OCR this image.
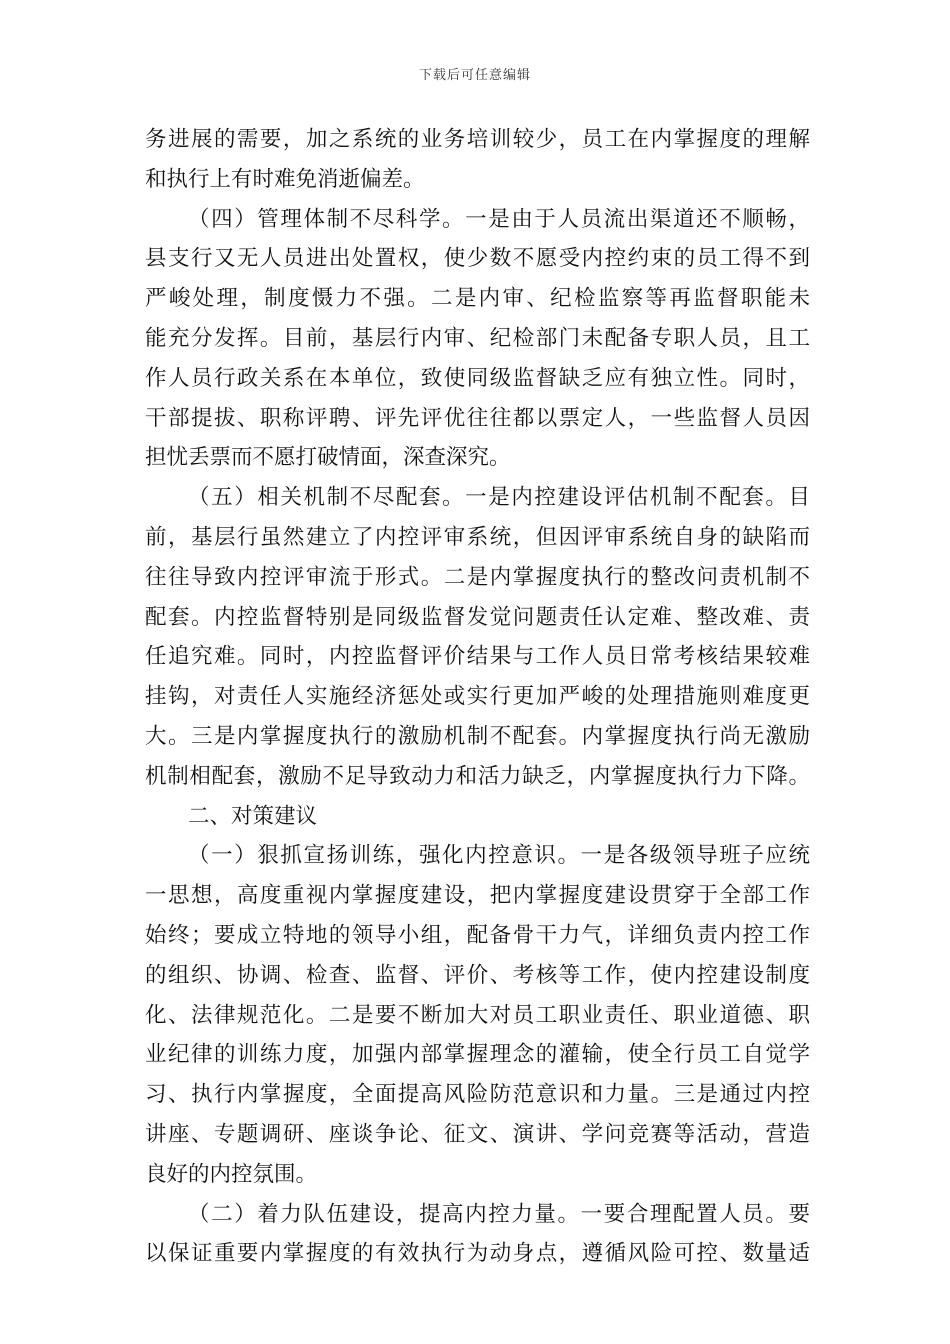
下载后可任意编辑
务进展的需要，加之系统的业务培训较少，员工在内掌握度的理解
和执行上有时难免消逝偏差。
（四）管理体制不尽科学。一是由于人员流出渠道还不顺畅，
县支行又无人员进出处置权，使少数不愿受内控约束的员工得不到
严峻处理，制度慑力不强。二是内审、纪检监察等再监督职能未
能充分发挥。目前，基层行内审、纪检部门未配备专职人员，且工
作人员行政关系在本单位，致使同级监督缺乏应有独立性。同时，
干部提拔、职称评聘、评先评优往往都以票定人，一些监督人员因
担忧丢票而不愿打破情面，深查深究。
（五）相关机制不尽配套。一是内控建设评估机制不配套。目
前，基层行虽然建立了内控评审系统，但因评审系统自身的缺陷而
往往导致内控评审流于形式。二是内掌握度执行的整改问责机制不
配套。内控监督特别是同级监督发觉问题责任认定难、整改难、责
任追究难。同时，内控监督评价结果与工作人员日常考核结果较难
挂钩，对责任人实施经济惩处或实行更加严峻的处理措施则难度更
大。三是内掌握度执行的激励机制不配套。内掌握度执行尚无激励
机制相配套，激励不足导致动力和活力缺乏，内掌握度执行力下降。
二、对策建议
（一）狠抓宣扬训练，强化内控意识。一是各级领导班子应统
一思想，高度重视内掌握度建设，把内掌握度建设贯穿于全部工作
始终；要成立特地的领导小组，配备骨干力气，详细负责内控工作
的组织、协调、检查、监督、评价、考核等工作，使内控建设制度
化、法律规范化。二是要不断加大对员工职业责任、职业道德、职
业纪律的训练力度，加强内部掌握理念的灌输，使全行员工自觉学
习、执行内掌握度，全面提高风险防范意识和力量。三是通过内控
讲座、专题调研、座谈争论、征文、演讲、学问竞赛等活动，营造
良好的内控氛围。
（二）着力队伍建设，提高内控力量。一要合理配置人员。要
以保证重要内掌握度的有效执行为动身点，遵循风险可控、数量适
